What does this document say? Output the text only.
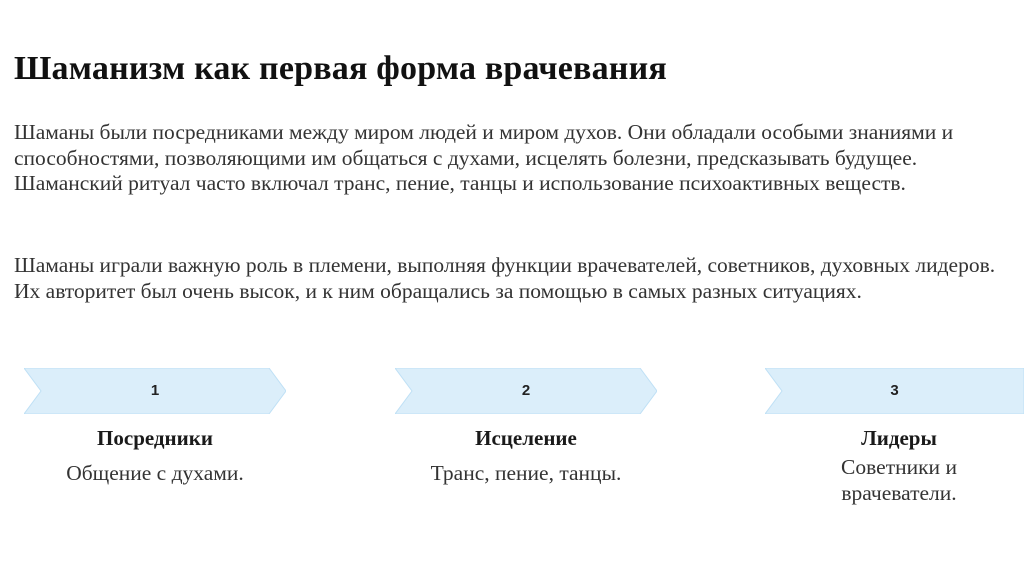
Шаманизм как первая форма врачевания

Шаманы были посредниками между миром людей и миром духов. Они обладали особыми знаниями и способностями, позволяющими им общаться с духами, исцелять болезни, предсказывать будущее. Шаманский ритуал часто включал транс, пение, танцы и использование психоактивных веществ.

Шаманы играли важную роль в племени, выполняя функции врачевателей, советников, духовных лидеров. Их авторитет был очень высок, и к ним обращались за помощью в самых разных ситуациях.

1	2	3

Посредники

Общение с духами.

Исцеление

Транс, пение, танцы.

Лидеры

Советники и врачеватели.
